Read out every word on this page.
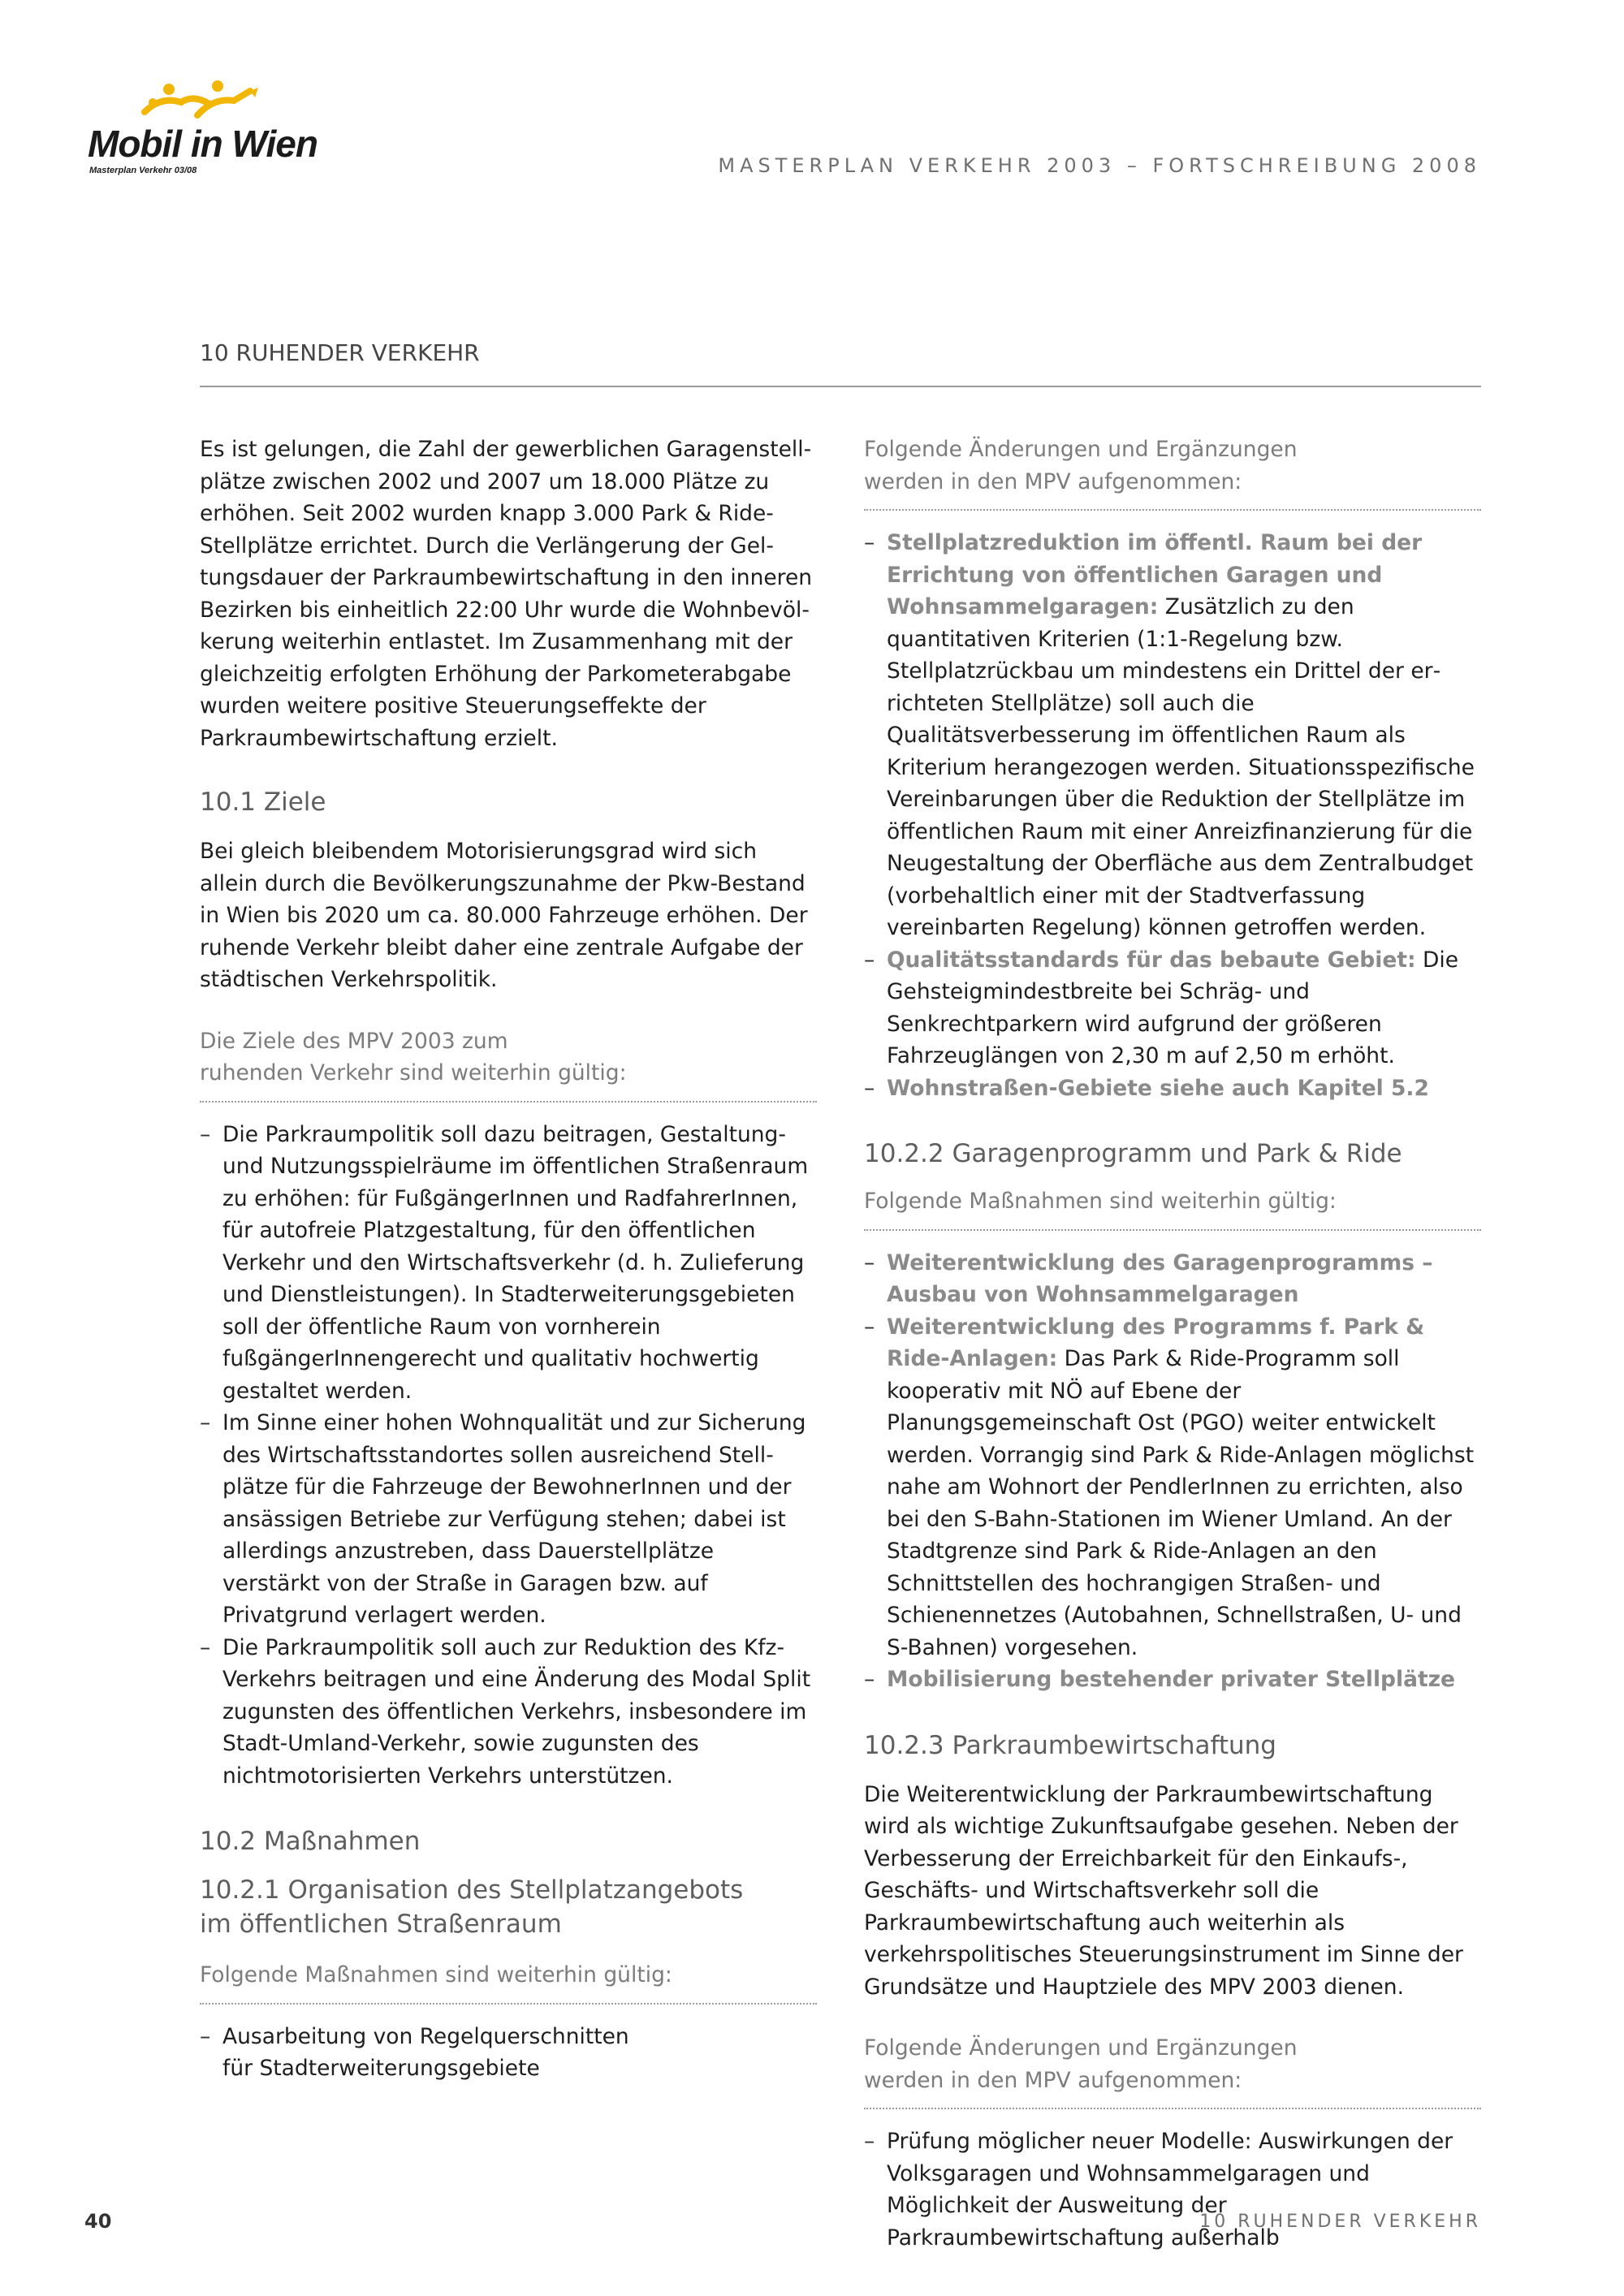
Mobil in Wien
Masterplan Verkehr 03/08	MASTERPLAN VERKEHR 2003 – FORTSCHREIBUNG 2008
10 RUHENDER VERKEHR

Es ist gelungen, die Zahl der gewerblichen Garagenstellplätze zwischen 2002 und 2007 um 18.000 Plätze zu erhöhen. Seit 2002 wurden knapp 3.000 Park & Ride-Stellplätze errichtet. Durch die Verlängerung der Geltungsdauer der Parkraumbewirtschaftung in den inneren Bezirken bis einheitlich 22:00 Uhr wurde die Wohnbevölkerung weiterhin entlastet. Im Zusammenhang mit der gleichzeitig erfolgten Erhöhung der Parkometerabgabe wurden weitere positive Steuerungseffekte der Parkraumbewirtschaftung erzielt.

10.1 Ziele

Bei gleich bleibendem Motorisierungsgrad wird sich allein durch die Bevölkerungszunahme der Pkw-Bestand in Wien bis 2020 um ca. 80.000 Fahrzeuge erhöhen. Der ruhende Verkehr bleibt daher eine zentrale Aufgabe der städtischen Verkehrspolitik.

Die Ziele des MPV 2003 zum
ruhenden Verkehr sind weiterhin gültig:
– Die Parkraumpolitik soll dazu beitragen, Gestaltung- und Nutzungsspielräume im öffentlichen Straßenraum zu erhöhen: für FußgängerInnen und RadfahrerInnen, für autofreie Platzgestaltung, für den öffentlichen Verkehr und den Wirtschaftsverkehr (d. h. Zulieferung und Dienstleistungen). In Stadterweiterungsgebieten soll der öffentliche Raum von vornherein fußgängerInnengerecht und qualitativ hochwertig gestaltet werden.
– Im Sinne einer hohen Wohnqualität und zur Sicherung des Wirtschaftsstandortes sollen ausreichend Stellplätze für die Fahrzeuge der BewohnerInnen und der ansässigen Betriebe zur Verfügung stehen; dabei ist allerdings anzustreben, dass Dauerstellplätze verstärkt von der Straße in Garagen bzw. auf Privatgrund verlagert werden.
– Die Parkraumpolitik soll auch zur Reduktion des Kfz-Verkehrs beitragen und eine Änderung des Modal Split zugunsten des öffentlichen Verkehrs, insbesondere im Stadt-Umland-Verkehr, sowie zugunsten des nichtmotorisierten Verkehrs unterstützen.
10.2 Maßnahmen
10.2.1 Organisation des Stellplatzangebots
im öffentlichen Straßenraum
Folgende Maßnahmen sind weiterhin gültig:
– Ausarbeitung von Regelquerschnitten
für Stadterweiterungsgebiete
Folgende Änderungen und Ergänzungen
werden in den MPV aufgenommen:
– Stellplatzreduktion im öffentl. Raum bei der Errichtung von öffentlichen Garagen und Wohnsammelgaragen: Zusätzlich zu den quantitativen Kriterien (1:1-Regelung bzw. Stellplatzrückbau um mindestens ein Drittel der errichteten Stellplätze) soll auch die Qualitätsverbesserung im öffentlichen Raum als Kriterium herangezogen werden. Situationsspezifische Vereinbarungen über die Reduktion der Stellplätze im öffentlichen Raum mit einer Anreizfinanzierung für die Neugestaltung der Oberfläche aus dem Zentralbudget (vorbehaltlich einer mit der Stadtverfassung vereinbarten Regelung) können getroffen werden.
– Qualitätsstandards für das bebaute Gebiet: Die Gehsteigmindestbreite bei Schräg- und Senkrechtparkern wird aufgrund der größeren Fahrzeuglängen von 2,30 m auf 2,50 m erhöht.
– Wohnstraßen-Gebiete siehe auch Kapitel 5.2
10.2.2 Garagenprogramm und Park & Ride
Folgende Maßnahmen sind weiterhin gültig:
– Weiterentwicklung des Garagenprogramms – Ausbau von Wohnsammelgaragen
– Weiterentwicklung des Programms f. Park & Ride-Anlagen: Das Park & Ride-Programm soll kooperativ mit NÖ auf Ebene der Planungsgemeinschaft Ost (PGO) weiter entwickelt werden. Vorrangig sind Park & Ride-Anlagen möglichst nahe am Wohnort der PendlerInnen zu errichten, also bei den S-Bahn-Stationen im Wiener Umland. An der Stadtgrenze sind Park & Ride-Anlagen an den Schnittstellen des hochrangigen Straßen- und Schienennetzes (Autobahnen, Schnellstraßen, U- und S-Bahnen) vorgesehen.
– Mobilisierung bestehender privater Stellplätze
10.2.3 Parkraumbewirtschaftung

Die Weiterentwicklung der Parkraumbewirtschaftung wird als wichtige Zukunftsaufgabe gesehen. Neben der Verbesserung der Erreichbarkeit für den Einkaufs-, Geschäfts- und Wirtschaftsverkehr soll die Parkraumbewirtschaftung auch weiterhin als verkehrspolitisches Steuerungsinstrument im Sinne der Grundsätze und Hauptziele des MPV 2003 dienen.

Folgende Änderungen und Ergänzungen
werden in den MPV aufgenommen:
– Prüfung möglicher neuer Modelle: Auswirkungen der Volksgaragen und Wohnsammelgaragen und Möglichkeit der Ausweitung der Parkraumbewirtschaftung außerhalb
40	10 RUHENDER VERKEHR
